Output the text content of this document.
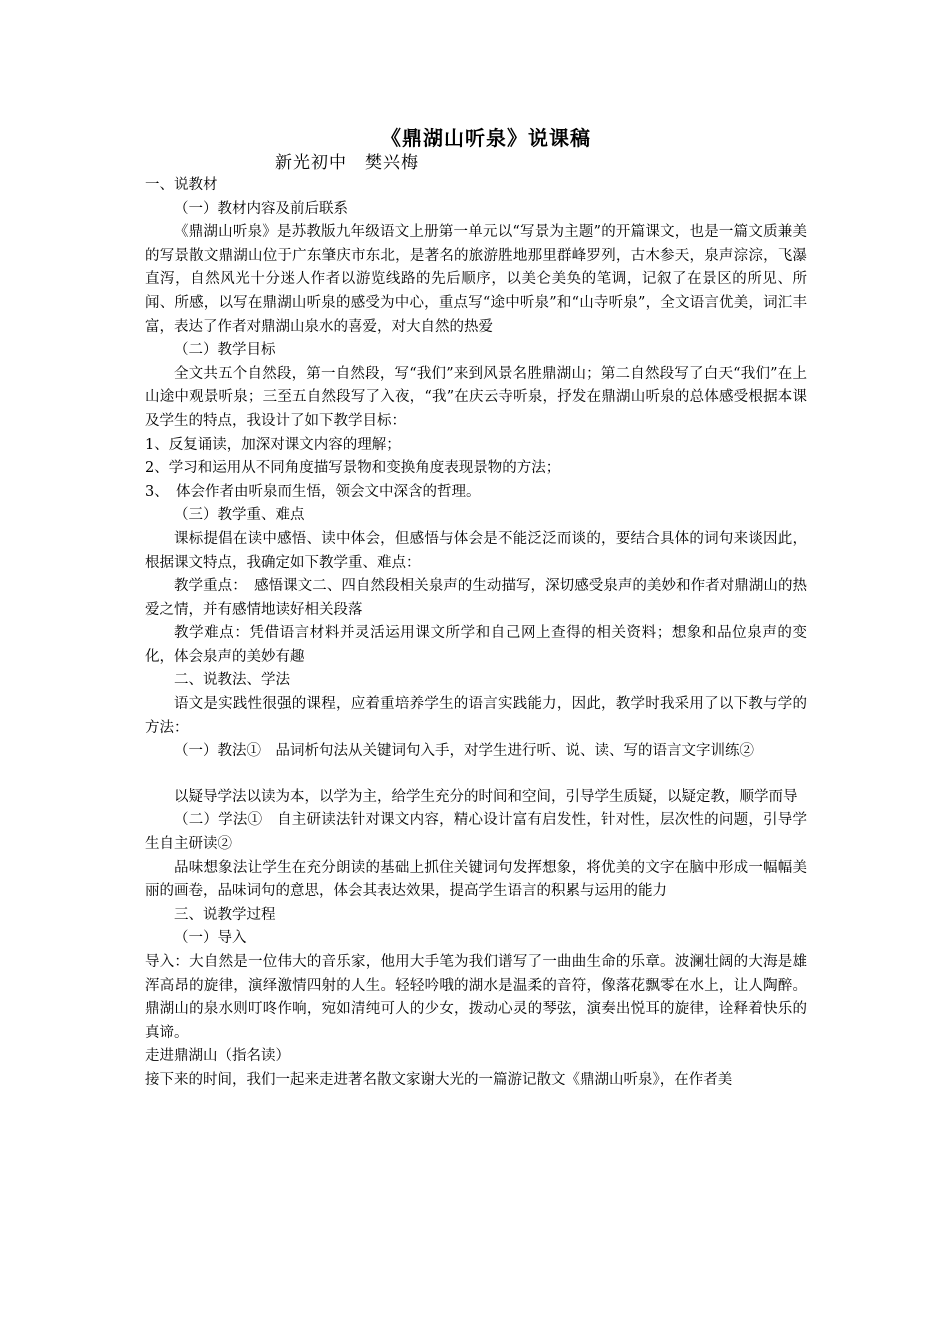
《鼎湖山听泉》说课稿
新光初中　樊兴梅

一、说教材

（一）教材内容及前后联系

《鼎湖山听泉》是苏教版九年级语文上册第一单元以“写景为主题”的开篇课文，也是一篇文质兼美的写景散文鼎湖山位于广东肇庆市东北，是著名的旅游胜地那里群峰罗列，古木参天，泉声淙淙，飞瀑直泻，自然风光十分迷人作者以游览线路的先后顺序，以美仑美奂的笔调，记叙了在景区的所见、所闻、所感，以写在鼎湖山听泉的感受为中心，重点写“途中听泉”和“山寺听泉”，全文语言优美，词汇丰富，表达了作者对鼎湖山泉水的喜爱，对大自然的热爱

（二）教学目标

全文共五个自然段，第一自然段，写“我们”来到风景名胜鼎湖山；第二自然段写了白天“我们”在上山途中观景听泉；三至五自然段写了入夜，“我”在庆云寺听泉，抒发在鼎湖山听泉的总体感受根据本课及学生的特点，我设计了如下教学目标：

1、反复诵读，加深对课文内容的理解；

2、学习和运用从不同角度描写景物和变换角度表现景物的方法；

3、　体会作者由听泉而生悟，领会文中深含的哲理。

（三）教学重、难点

课标提倡在读中感悟、读中体会，但感悟与体会是不能泛泛而谈的，要结合具体的词句来谈因此，根据课文特点，我确定如下教学重、难点：

教学重点：　感悟课文二、四自然段相关泉声的生动描写，深切感受泉声的美妙和作者对鼎湖山的热爱之情，并有感情地读好相关段落

教学难点：凭借语言材料并灵活运用课文所学和自己网上查得的相关资料；想象和品位泉声的变化，体会泉声的美妙有趣

二、说教法、学法

语文是实践性很强的课程，应着重培养学生的语言实践能力，因此，教学时我采用了以下教与学的方法：

（一）教法①　品词析句法从关键词句入手，对学生进行听、说、读、写的语言文字训练②

以疑导学法以读为本，以学为主，给学生充分的时间和空间，引导学生质疑，以疑定教，顺学而导

（二）学法①　自主研读法针对课文内容，精心设计富有启发性，针对性，层次性的问题，引导学生自主研读②

品味想象法让学生在充分朗读的基础上抓住关键词句发挥想象，将优美的文字在脑中形成一幅幅美丽的画卷，品味词句的意思，体会其表达效果，提高学生语言的积累与运用的能力

三、说教学过程

（一）导入

导入：大自然是一位伟大的音乐家，他用大手笔为我们谱写了一曲曲生命的乐章。波澜壮阔的大海是雄浑高昂的旋律，演绎激情四射的人生。轻轻吟哦的湖水是温柔的音符，像落花飘零在水上，让人陶醉。鼎湖山的泉水则叮咚作响，宛如清纯可人的少女，拨动心灵的琴弦，演奏出悦耳的旋律，诠释着快乐的真谛。

走进鼎湖山（指名读）

接下来的时间，我们一起来走进著名散文家谢大光的一篇游记散文《鼎湖山听泉》，在作者美
